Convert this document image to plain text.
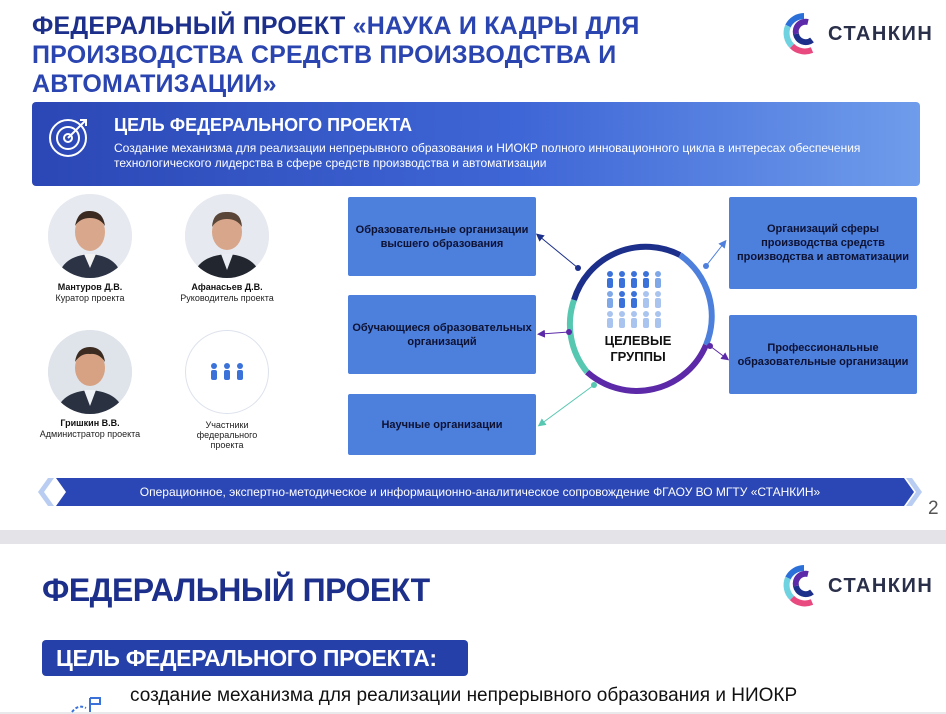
ФЕДЕРАЛЬНЫЙ ПРОЕКТ «НАУКА И КАДРЫ ДЛЯ ПРОИЗВОДСТВА СРЕДСТВ ПРОИЗВОДСТВА И АВТОМАТИЗАЦИИ»
СТАНКИН
ЦЕЛЬ ФЕДЕРАЛЬНОГО ПРОЕКТА
Создание механизма для реализации непрерывного образования и НИОКР полного инновационного цикла в интересах обеспечения технологического лидерства в сфере средств производства и автоматизации
Мантуров Д.В.
Куратор проекта
Афанасьев Д.В.
Руководитель проекта
Гришкин В.В.
Администратор проекта
Участники федерального проекта
ЦЕЛЕВЫЕ ГРУППЫ
Образовательные организации высшего образования
Обучающиеся образовательных организаций
Научные организации
Организаций сферы производства средств производства и автоматизации
Профессиональные образовательные организации
Операционное, экспертно-методическое и информационно-аналитическое сопровождение ФГАОУ ВО МГТУ «СТАНКИН»
2
ФЕДЕРАЛЬНЫЙ ПРОЕКТ	СТАНКИН
ЦЕЛЬ ФЕДЕРАЛЬНОГО ПРОЕКТА:
создание механизма для реализации непрерывного образования и НИОКР
